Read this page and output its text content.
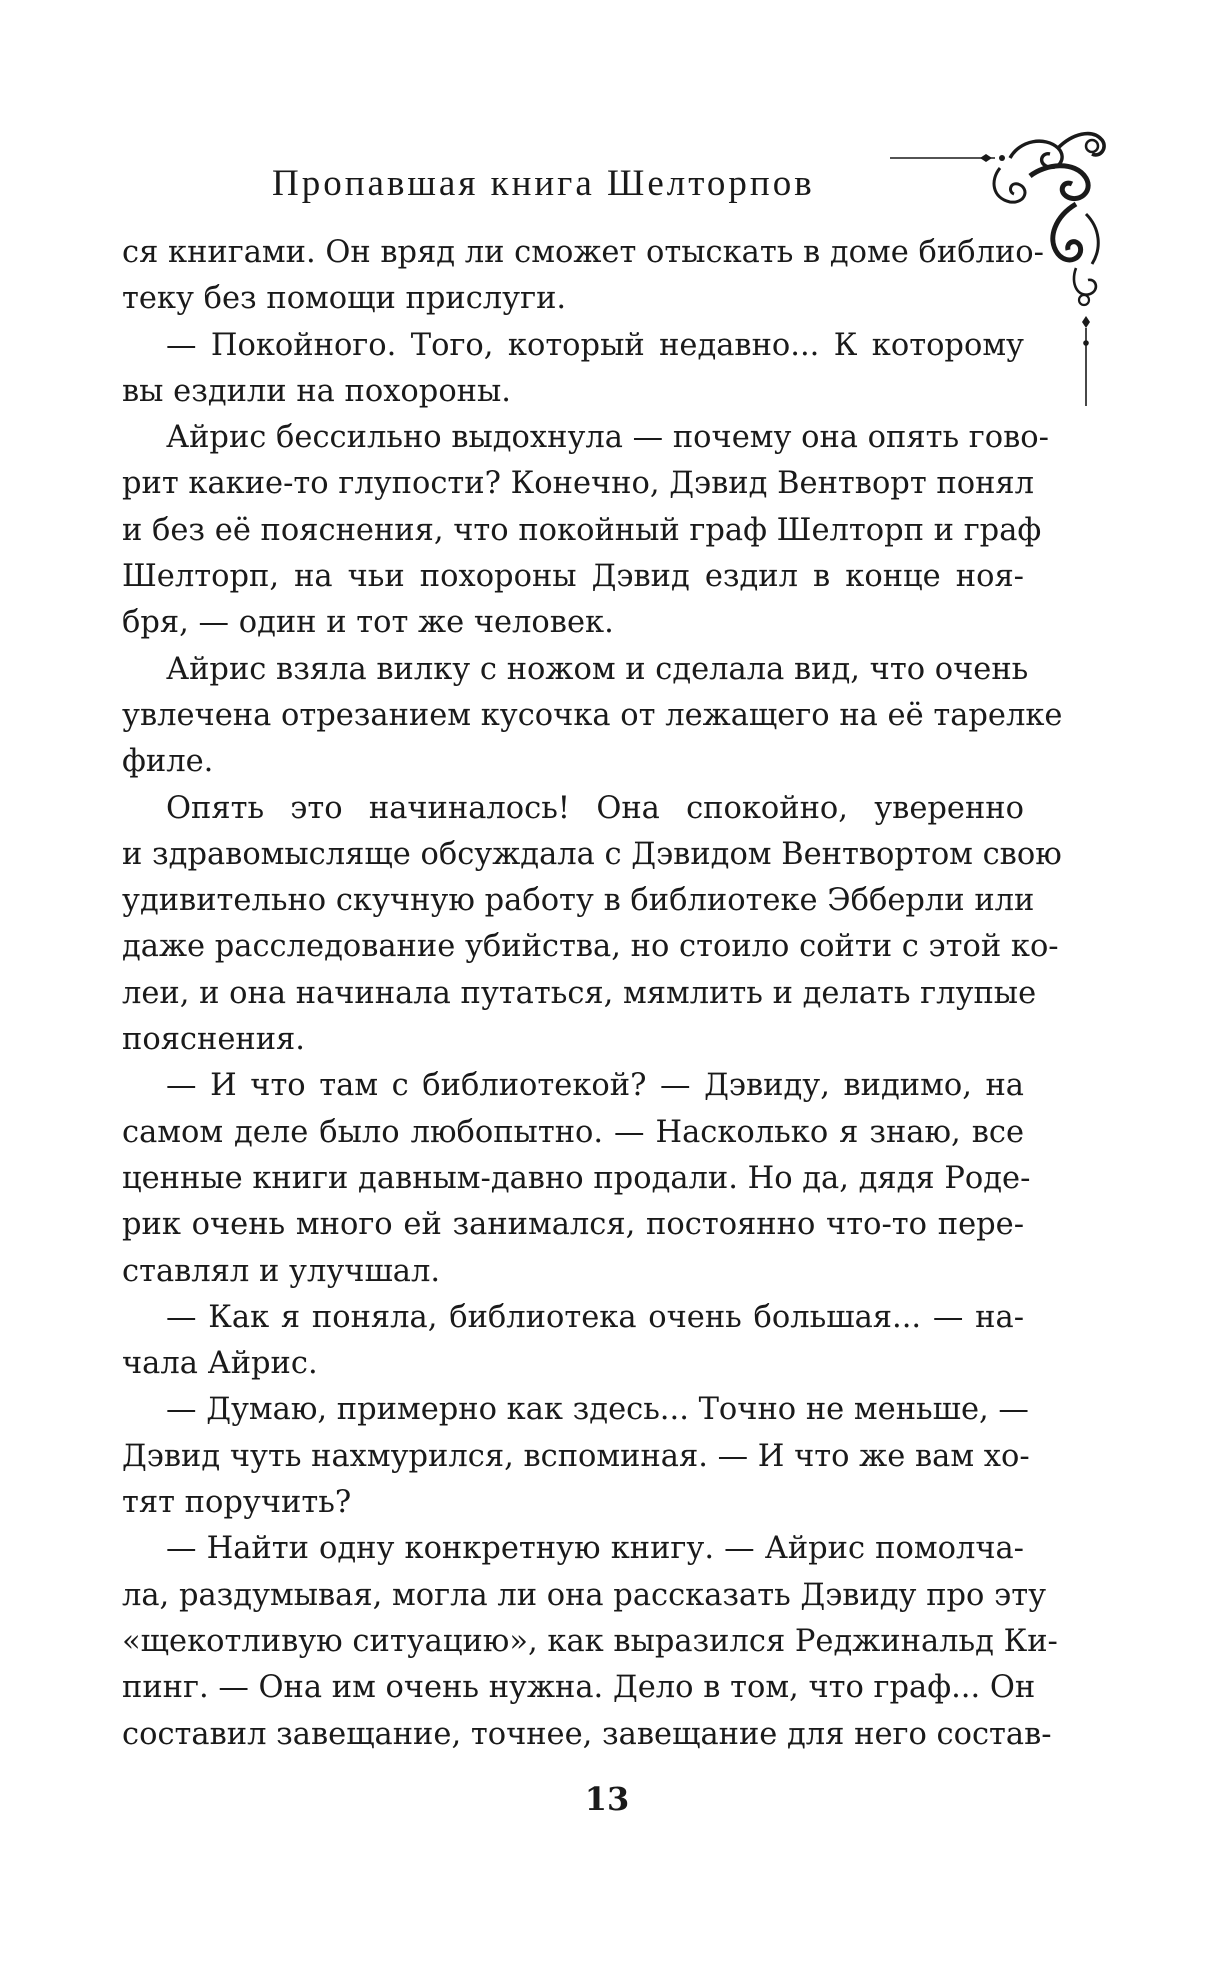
Пропавшая книга Шелторпов
ся книгами. Он вряд ли сможет отыскать в доме библио-
теку без помощи прислуги.
— Покойного. Того, который недавно... К которому
вы ездили на похороны.
Айрис бессильно выдохнула — почему она опять гово-
рит какие-то глупости? Конечно, Дэвид Вентворт понял
и без её пояснения, что покойный граф Шелторп и граф
Шелторп, на чьи похороны Дэвид ездил в конце ноя-
бря, — один и тот же человек.
Айрис взяла вилку с ножом и сделала вид, что очень
увлечена отрезанием кусочка от лежащего на её тарелке
филе.
Опять это начиналось! Она спокойно, уверенно
и здравомысляще обсуждала с Дэвидом Вентвортом свою
удивительно скучную работу в библиотеке Эбберли или
даже расследование убийства, но стоило сойти с этой ко-
леи, и она начинала путаться, мямлить и делать глупые
пояснения.
— И что там с библиотекой? — Дэвиду, видимо, на
самом деле было любопытно. — Насколько я знаю, все
ценные книги давным-давно продали. Но да, дядя Роде-
рик очень много ей занимался, постоянно что-то пере-
ставлял и улучшал.
— Как я поняла, библиотека очень большая... — на-
чала Айрис.
— Думаю, примерно как здесь... Точно не меньше, —
Дэвид чуть нахмурился, вспоминая. — И что же вам хо-
тят поручить?
— Найти одну конкретную книгу. — Айрис помолча-
ла, раздумывая, могла ли она рассказать Дэвиду про эту
«щекотливую ситуацию», как выразился Реджинальд Ки-
пинг. — Она им очень нужна. Дело в том, что граф... Он
составил завещание, точнее, завещание для него состав-
13
